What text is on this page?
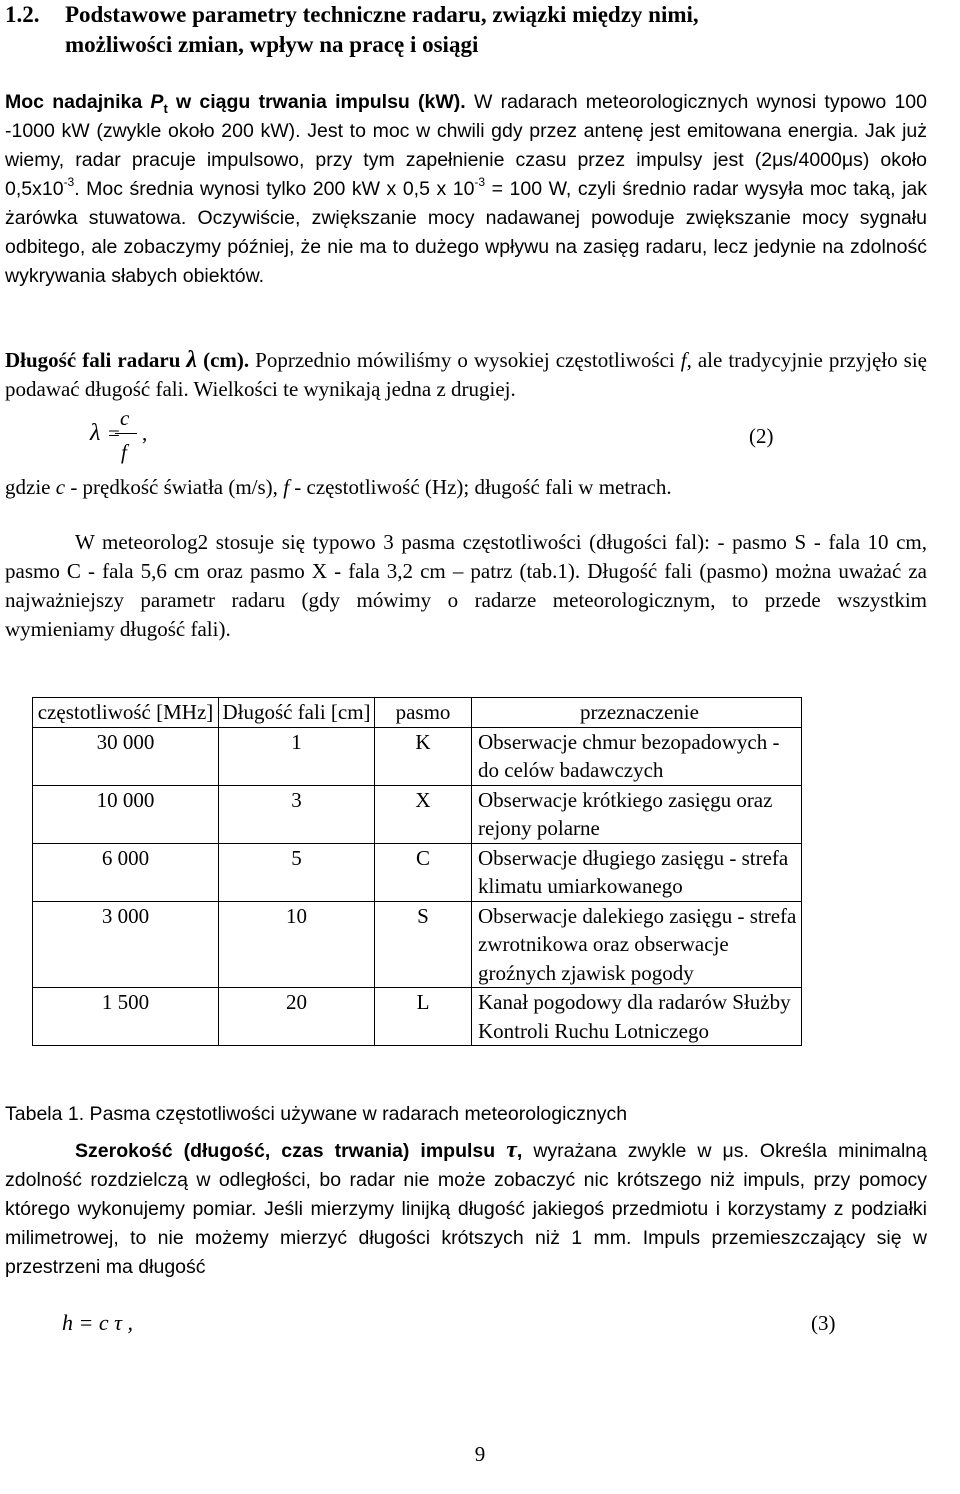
1.2. Podstawowe parametry techniczne radaru, związki między nimi,
możliwości zmian, wpływ na pracę i osiągi
Moc nadajnika $P_t$ w ciągu trwania impulsu (kW). W radarach meteorologicznych wynosi typowo 100 -1000 kW (zwykle około 200 kW). Jest to moc w chwili gdy przez antenę jest emitowana energia. Jak już wiemy, radar pracuje impulsowo, przy tym zapełnienie czasu przez impulsy jest (2μs/4000μs) około $0,5x10^{-3}$. Moc średnia wynosi tylko 200 kW x 0,5 x $10^{-3} = 100$ W, czyli średnio radar wysyła moc taką, jak żarówka stuwatowa. Oczywiście, zwiększanie mocy nadawanej powoduje zwiększanie mocy sygnału odbitego, ale zobaczymy później, że nie ma to dużego wpływu na zasięg radaru, lecz jedynie na zdolność wykrywania słabych obiektów.
Długość fali radaru λ (cm). Poprzednio mówiliśmy o wysokiej częstotliwości f, ale tradycyjnie przyjęło się podawać długość fali. Wielkości te wynikają jedna z drugiej.
λ =
c
f
,	(2)
gdzie c - prędkość światła (m/s), f - częstotliwość (Hz); długość fali w metrach.
W meteorolog2 stosuje się typowo 3 pasma częstotliwości (długości fal): - pasmo S - fala 10 cm, pasmo C - fala 5,6 cm oraz pasmo X - fala 3,2 cm – patrz (tab.1). Długość fali (pasmo) można uważać za najważniejszy parametr radaru (gdy mówimy o radarze meteorologicznym, to przede wszystkim wymieniamy długość fali).
częstotliwość [MHz]	Długość fali [cm]	pasmo	przeznaczenie
30 000	1	K	Obserwacje chmur bezopadowych - do celów badawczych
10 000	3	X	Obserwacje krótkiego zasięgu oraz rejony polarne
6 000	5	C	Obserwacje długiego zasięgu - strefa klimatu umiarkowanego
3 000	10	S	Obserwacje dalekiego zasięgu - strefa zwrotnikowa oraz obserwacje groźnych zjawisk pogody
1 500	20	L	Kanał pogodowy dla radarów Służby Kontroli Ruchu Lotniczego
Tabela 1. Pasma częstotliwości używane w radarach meteorologicznych
Szerokość (długość, czas trwania) impulsu τ, wyrażana zwykle w μs. Określa minimalną zdolność rozdzielczą w odległości, bo radar nie może zobaczyć nic krótszego niż impuls, przy pomocy którego wykonujemy pomiar. Jeśli mierzymy linijką długość jakiegoś przedmiotu i korzystamy z podziałki milimetrowej, to nie możemy mierzyć długości krótszych niż 1 mm. Impuls przemieszczający się w przestrzeni ma długość
h = c τ ,	(3)
9
